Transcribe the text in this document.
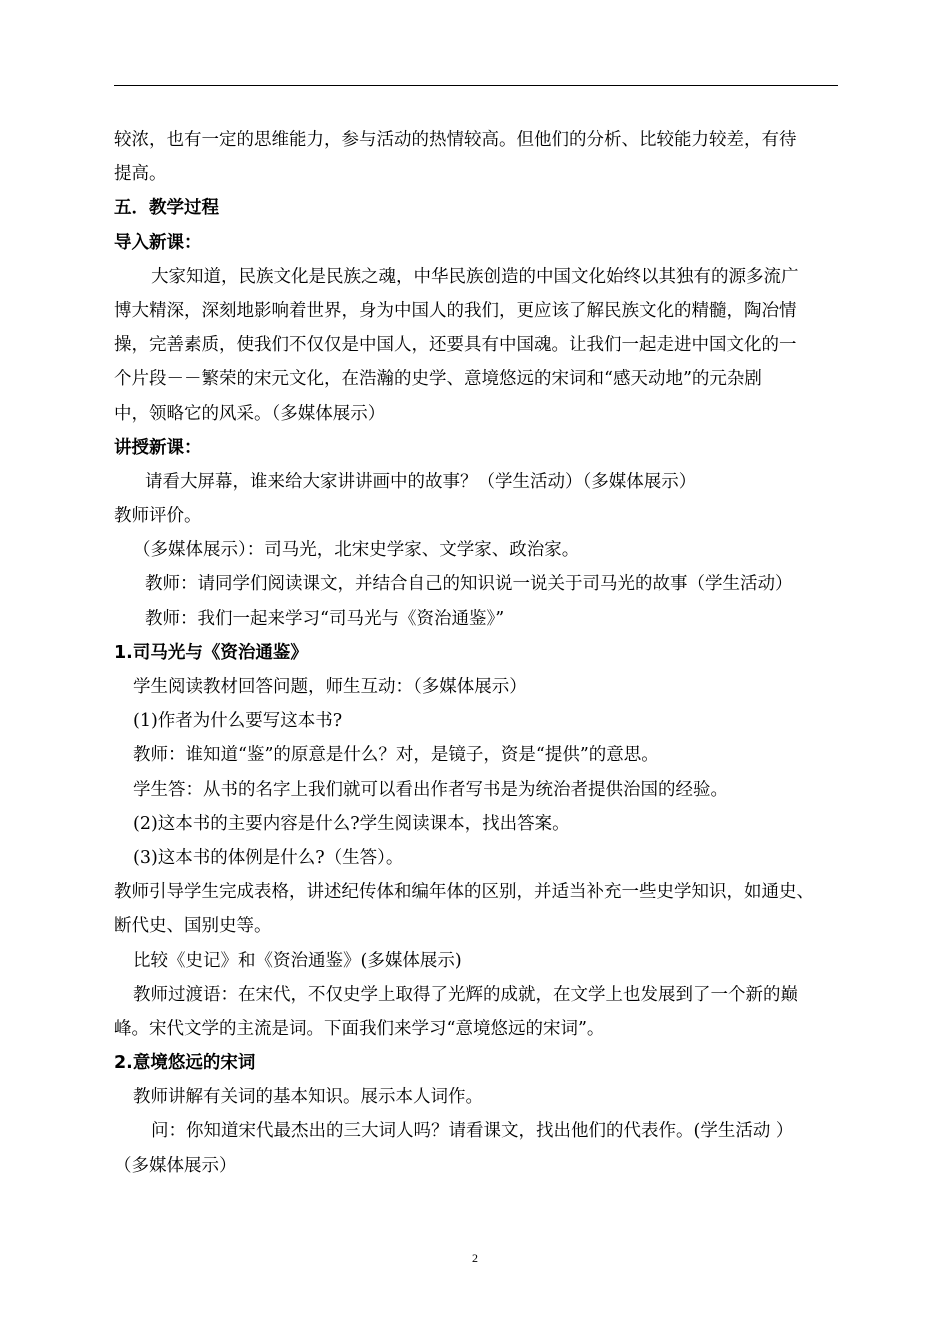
较浓，也有一定的思维能力，参与活动的热情较高。但他们的分析、比较能力较差，有待
提高。
五．教学过程
导入新课：
大家知道，民族文化是民族之魂，中华民族创造的中国文化始终以其独有的源多流广
博大精深，深刻地影响着世界，身为中国人的我们，更应该了解民族文化的精髓，陶冶情
操，完善素质，使我们不仅仅是中国人，还要具有中国魂。让我们一起走进中国文化的一
个片段－－繁荣的宋元文化，在浩瀚的史学、意境悠远的宋词和“感天动地”的元杂剧
中，领略它的风采。（多媒体展示）
讲授新课：
请看大屏幕，谁来给大家讲讲画中的故事？（学生活动）（多媒体展示）
教师评价。
（多媒体展示）：司马光，北宋史学家、文学家、政治家。
教师：请同学们阅读课文，并结合自己的知识说一说关于司马光的故事（学生活动）
教师：我们一起来学习“司马光与《资治通鉴》”
1.司马光与《资治通鉴》
学生阅读教材回答问题，师生互动：（多媒体展示）
(1)作者为什么要写这本书?
教师：谁知道“鉴”的原意是什么？对，是镜子，资是“提供”的意思。
学生答：从书的名字上我们就可以看出作者写书是为统治者提供治国的经验。
(2)这本书的主要内容是什么?学生阅读课本，找出答案。
(3)这本书的体例是什么?（生答）。
教师引导学生完成表格，讲述纪传体和编年体的区别，并适当补充一些史学知识，如通史、
断代史、国别史等。
比较《史记》和《资治通鉴》(多媒体展示)
教师过渡语：在宋代，不仅史学上取得了光辉的成就，在文学上也发展到了一个新的巅
峰。宋代文学的主流是词。下面我们来学习“意境悠远的宋词”。
2.意境悠远的宋词
教师讲解有关词的基本知识。展示本人词作。
问：你知道宋代最杰出的三大词人吗？请看课文，找出他们的代表作。(学生活动 ）
（多媒体展示）
2
